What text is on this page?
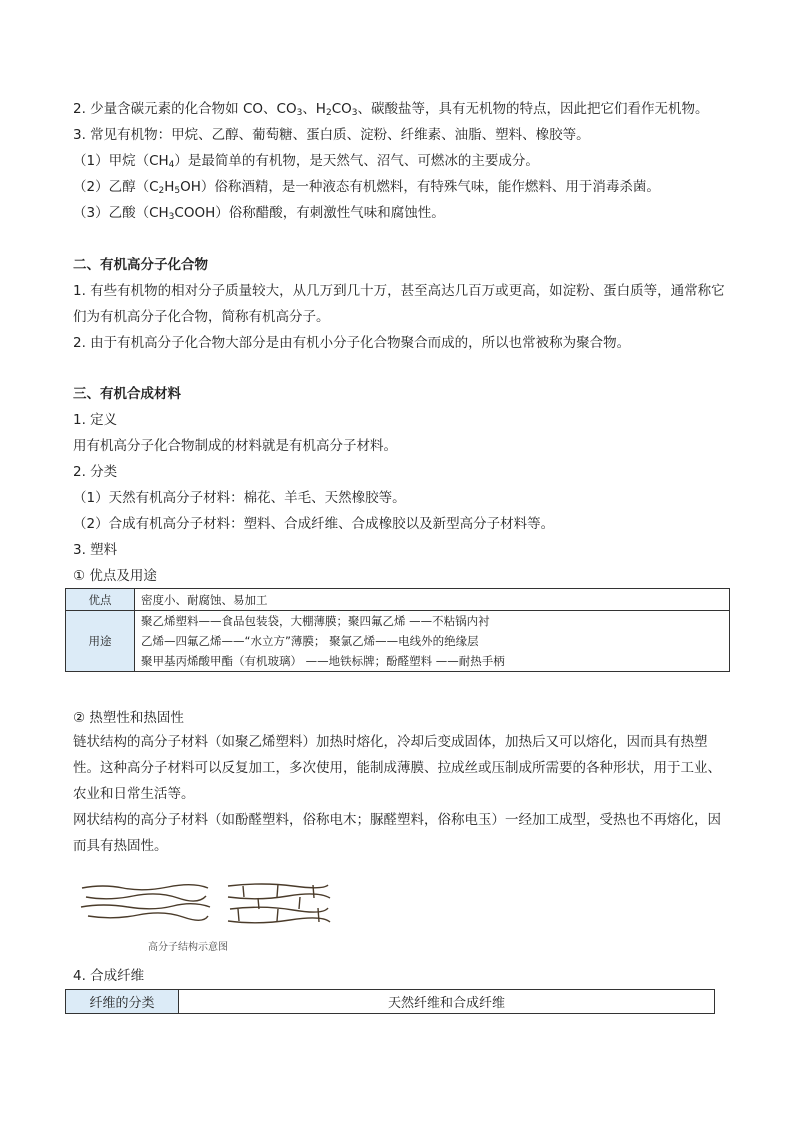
2. 少量含碳元素的化合物如 CO、$CO_3$、$H_2CO_3$、碳酸盐等，具有无机物的特点，因此把它们看作无机物。
3. 常见有机物：甲烷、乙醇、葡萄糖、蛋白质、淀粉、纤维素、油脂、塑料、橡胶等。
（1）甲烷$(CH_4)$是最简单的有机物，是天然气、沼气、可燃冰的主要成分。
（2）乙醇$(C_2H_5OH)$俗称酒精，是一种液态有机燃料，有特殊气味，能作燃料、用于消毒杀菌。
（3）乙酸$(CH_3COOH)$俗称醋酸，有刺激性气味和腐蚀性。
二、有机高分子化合物
1. 有些有机物的相对分子质量较大，从几万到几十万，甚至高达几百万或更高，如淀粉、蛋白质等，通常称它们为有机高分子化合物，简称有机高分子。
2. 由于有机高分子化合物大部分是由有机小分子化合物聚合而成的，所以也常被称为聚合物。
三、有机合成材料
1. 定义
用有机高分子化合物制成的材料就是有机高分子材料。
2. 分类
（1）天然有机高分子材料：棉花、羊毛、天然橡胶等。
（2）合成有机高分子材料：塑料、合成纤维、合成橡胶以及新型高分子材料等。
3. 塑料
① 优点及用途
优点	密度小、耐腐蚀、易加工
用途	聚乙烯塑料——食品包装袋，大棚薄膜；聚四氟乙烯 ——不粘锅内衬
乙烯—四氟乙烯——“水立方”薄膜； 聚氯乙烯——电线外的绝缘层
聚甲基丙烯酸甲酯（有机玻璃） ——地铁标牌；酚醛塑料 ——耐热手柄
② 热塑性和热固性
链状结构的高分子材料（如聚乙烯塑料）加热时熔化，冷却后变成固体，加热后又可以熔化，因而具有热塑性。这种高分子材料可以反复加工，多次使用，能制成薄膜、拉成丝或压制成所需要的各种形状，用于工业、农业和日常生活等。
网状结构的高分子材料（如酚醛塑料，俗称电木；脲醛塑料，俗称电玉）一经加工成型，受热也不再熔化，因而具有热固性。
高分子结构示意图
4. 合成纤维
纤维的分类	天然纤维和合成纤维
